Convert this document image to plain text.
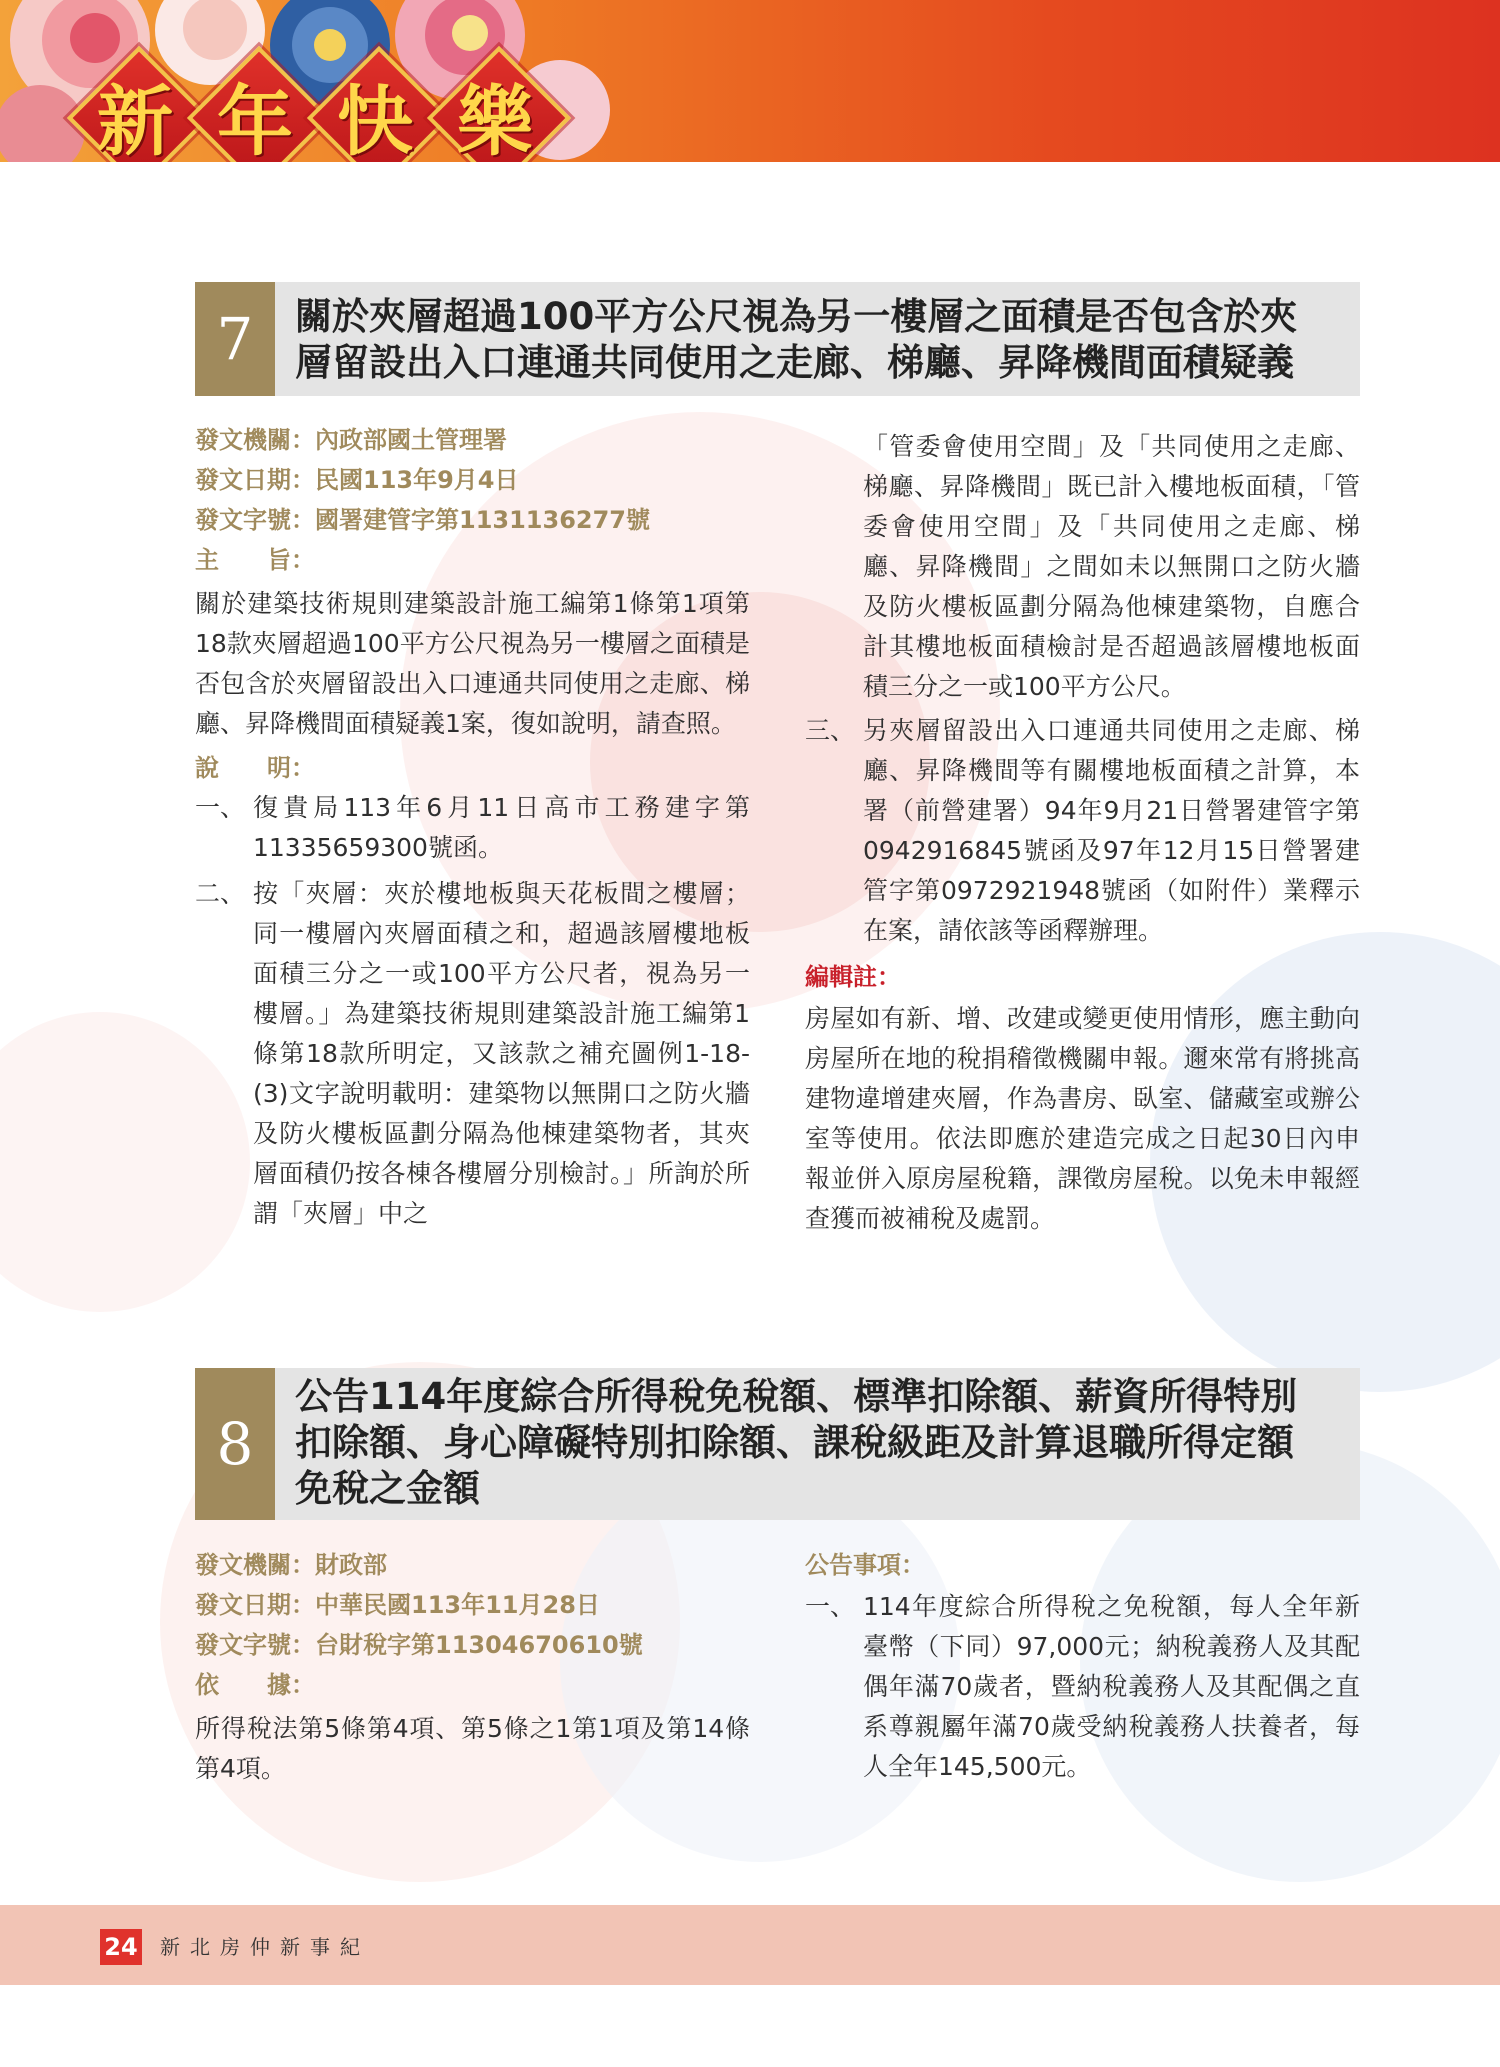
新 年 快 樂
7	關於夾層超過100平方公尺視為另一樓層之面積是否包含於夾
層留設出入口連通共同使用之走廊、梯廳、昇降機間面積疑義
發文機關：內政部國土管理署
發文日期：民國113年9月4日
發文字號：國署建管字第1131136277號
主　　旨：

關於建築技術規則建築設計施工編第1條第1項第18款夾層超過100平方公尺視為另一樓層之面積是否包含於夾層留設出入口連通共同使用之走廊、梯廳、昇降機間面積疑義1案，復如說明，請查照。

說　　明：
一、 復貴局113年6月11日高市工務建字第11335659300號函。
二、 按「夾層：夾於樓地板與天花板間之樓層；同一樓層內夾層面積之和，超過該層樓地板面積三分之一或100平方公尺者，視為另一樓層。」為建築技術規則建築設計施工編第1條第18款所明定，又該款之補充圖例1-18-(3)文字說明載明：建築物以無開口之防火牆及防火樓板區劃分隔為他棟建築物者，其夾層面積仍按各棟各樓層分別檢討。」所詢於所謂「夾層」中之
「管委會使用空間」及「共同使用之走廊、梯廳、昇降機間」既已計入樓地板面積，「管委會使用空間」及「共同使用之走廊、梯廳、昇降機間」之間如未以無開口之防火牆及防火樓板區劃分隔為他棟建築物，自應合計其樓地板面積檢討是否超過該層樓地板面積三分之一或100平方公尺。
三、 另夾層留設出入口連通共同使用之走廊、梯廳、昇降機間等有關樓地板面積之計算，本署（前營建署）94年9月21日營署建管字第0942916845號函及97年12月15日營署建管字第0972921948號函（如附件）業釋示在案，請依該等函釋辦理。
編輯註：

房屋如有新、增、改建或變更使用情形，應主動向房屋所在地的稅捐稽徵機關申報。邇來常有將挑高建物違增建夾層，作為書房、臥室、儲藏室或辦公室等使用。依法即應於建造完成之日起30日內申報並併入原房屋稅籍，課徵房屋稅。以免未申報經查獲而被補稅及處罰。

8
公告114年度綜合所得稅免稅額、標準扣除額、薪資所得特別
扣除額、身心障礙特別扣除額、課稅級距及計算退職所得定額
免稅之金額
發文機關：財政部
發文日期：中華民國113年11月28日
發文字號：台財稅字第11304670610號
依　　據：

所得稅法第5條第4項、第5條之1第1項及第14條第4項。

公告事項：
一、 114年度綜合所得稅之免稅額，每人全年新臺幣（下同）97,000元；納稅義務人及其配偶年滿70歲者，暨納稅義務人及其配偶之直系尊親屬年滿70歲受納稅義務人扶養者，每人全年145,500元。
24 新北房仲新事紀
